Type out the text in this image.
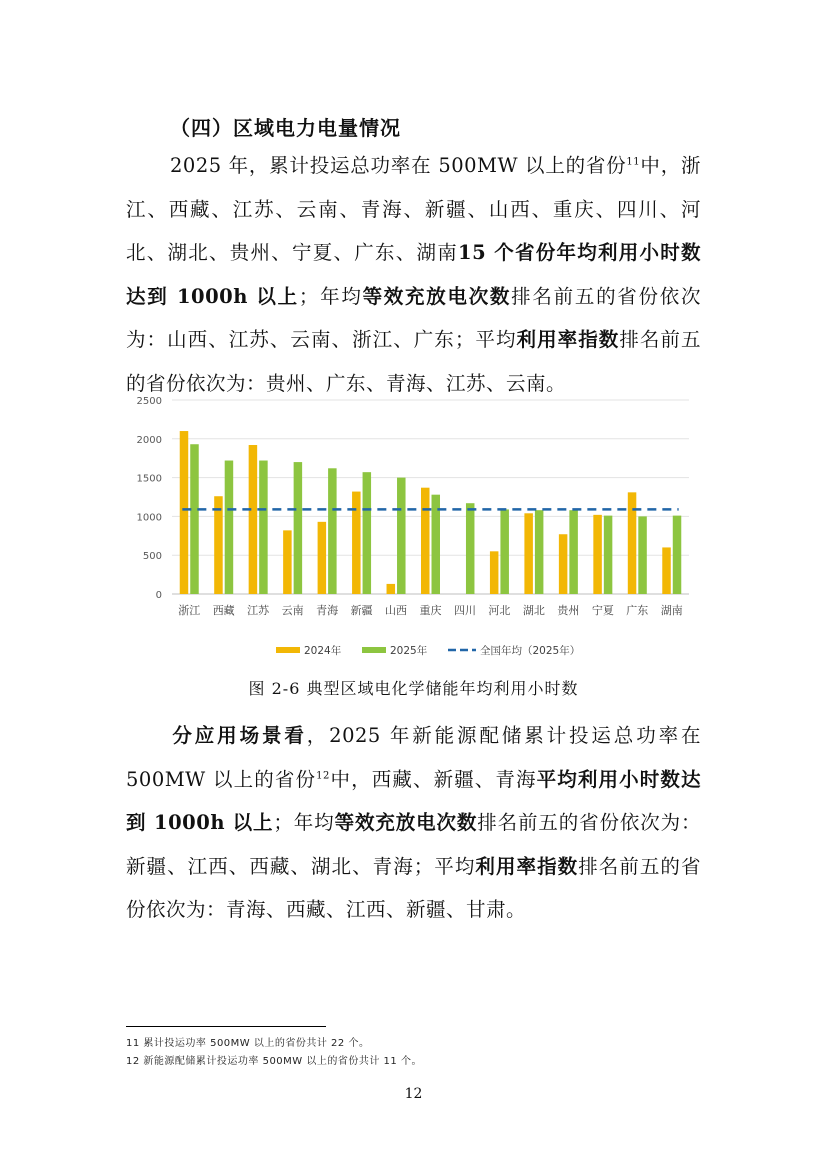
（四）区域电力电量情况
2025 年，累计投运总功率在 500MW 以上的省份$^{11}$中，浙江、西藏、江苏、云南、青海、新疆、山西、重庆、四川、河北、湖北、贵州、宁夏、广东、湖南15 个省份年均利用小时数达到 1000h 以上；年均等效充放电次数排名前五的省份依次为：山西、江苏、云南、浙江、广东；平均利用率指数排名前五的省份依次为：贵州、广东、青海、江苏、云南。
0
500
1000
1500
2000
2500
浙江 西藏 江苏 云南 青海 新疆 山西 重庆 四川 河北 湖北 贵州 宁夏 广东 湖南
2024年	2025年	全国年均（2025年）
图 2-6 典型区域电化学储能年均利用小时数
分应用场景看，2025 年新能源配储累计投运总功率在 500MW 以上的省份$^{12}$中，西藏、新疆、青海平均利用小时数达到 1000h 以上；年均等效充放电次数排名前五的省份依次为：新疆、江西、西藏、湖北、青海；平均利用率指数排名前五的省份依次为：青海、西藏、江西、新疆、甘肃。
11 累计投运功率 500MW 以上的省份共计 22 个。
12 新能源配储累计投运功率 500MW 以上的省份共计 11 个。
12
